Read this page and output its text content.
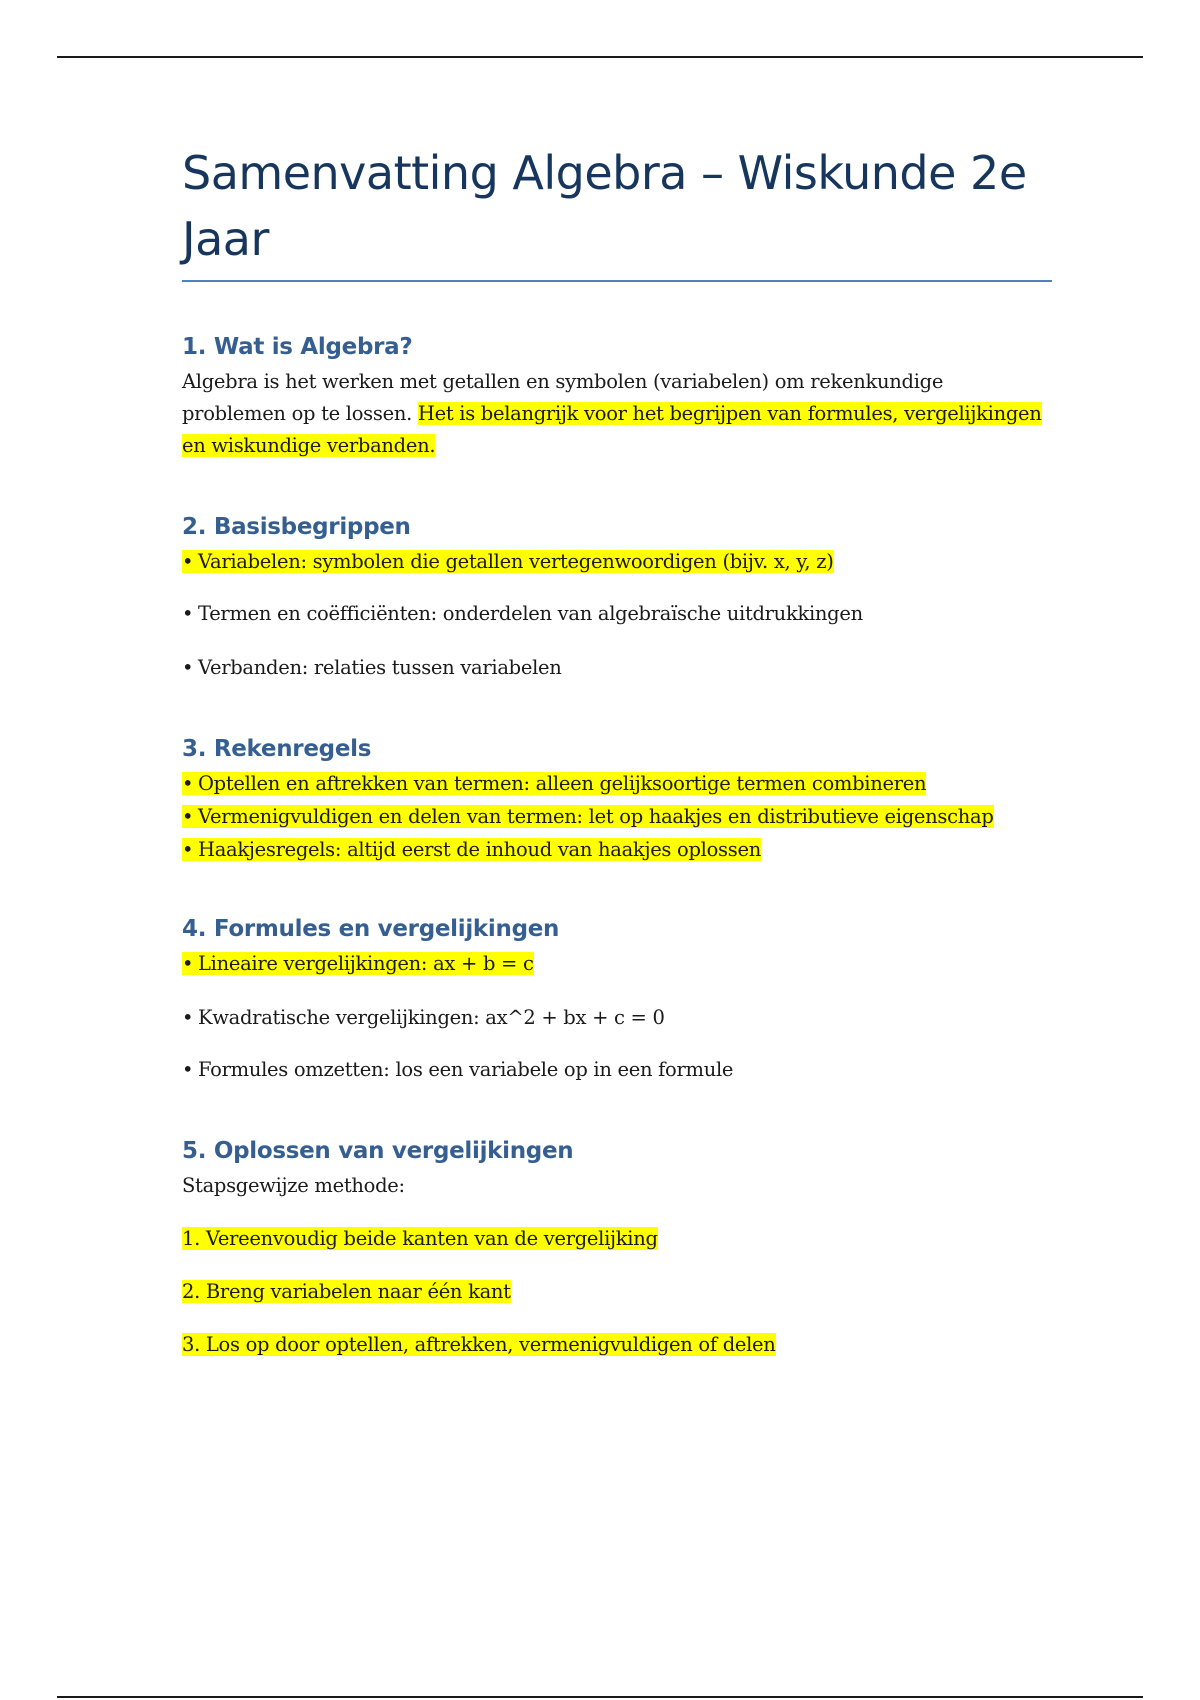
Samenvatting Algebra – Wiskunde 2e Jaar
1. Wat is Algebra?

Algebra is het werken met getallen en symbolen (variabelen) om rekenkundige problemen op te lossen. Het is belangrijk voor het begrijpen van formules, vergelijkingen en wiskundige verbanden.

2. Basisbegrippen

• Variabelen: symbolen die getallen vertegenwoordigen (bijv. x, y, z)

• Termen en coëfficiënten: onderdelen van algebraïsche uitdrukkingen

• Verbanden: relaties tussen variabelen

3. Rekenregels

• Optellen en aftrekken van termen: alleen gelijksoortige termen combineren

• Vermenigvuldigen en delen van termen: let op haakjes en distributieve eigenschap

• Haakjesregels: altijd eerst de inhoud van haakjes oplossen

4. Formules en vergelijkingen

• Lineaire vergelijkingen: ax + b = c

• Kwadratische vergelijkingen: ax^2 + bx + c = 0

• Formules omzetten: los een variabele op in een formule

5. Oplossen van vergelijkingen

Stapsgewijze methode:

1. Vereenvoudig beide kanten van de vergelijking

2. Breng variabelen naar één kant

3. Los op door optellen, aftrekken, vermenigvuldigen of delen
